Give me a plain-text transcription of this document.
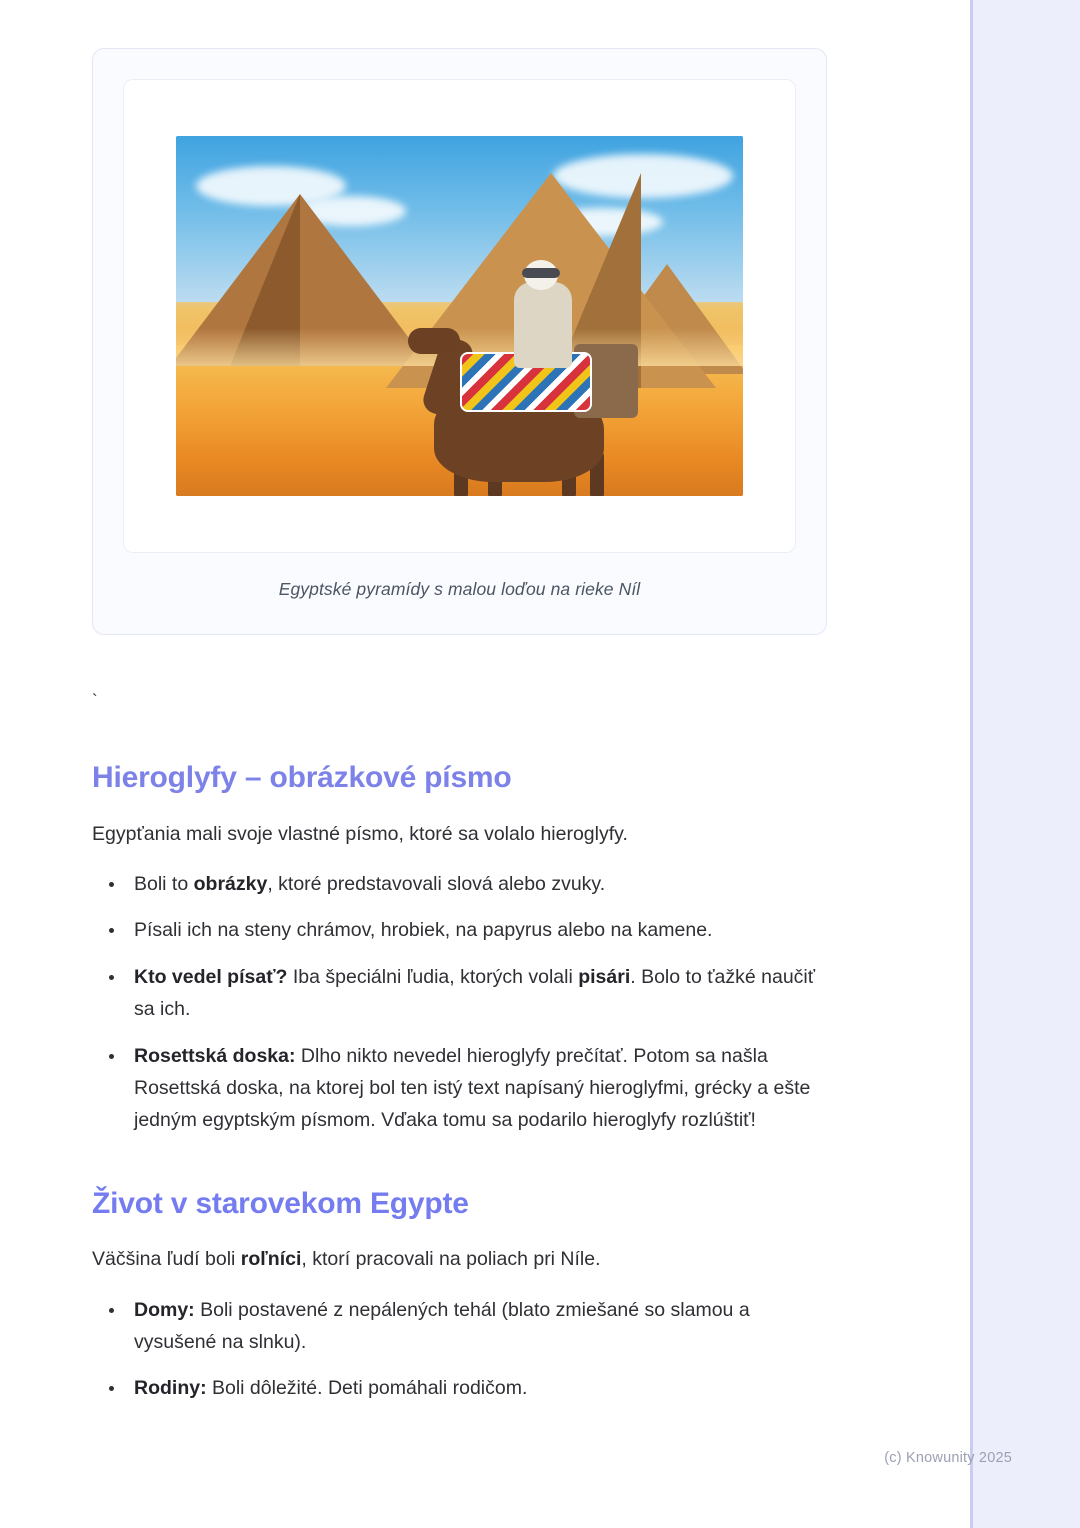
Egyptské pyramídy s malou loďou na rieke Níl
`
Hieroglyfy – obrázkové písmo

Egypťania mali svoje vlastné písmo, ktoré sa volalo hieroglyfy.

• Boli to obrázky, ktoré predstavovali slová alebo zvuky.
• Písali ich na steny chrámov, hrobiek, na papyrus alebo na kamene.
• Kto vedel písať? Iba špeciálni ľudia, ktorých volali pisári. Bolo to ťažké naučiť sa ich.
• Rosettská doska: Dlho nikto nevedel hieroglyfy prečítať. Potom sa našla Rosettská doska, na ktorej bol ten istý text napísaný hieroglyfmi, grécky a ešte jedným egyptským písmom. Vďaka tomu sa podarilo hieroglyfy rozlúštiť!
Život v starovekom Egypte

Väčšina ľudí boli roľníci, ktorí pracovali na poliach pri Níle.

• Domy: Boli postavené z nepálených tehál (blato zmiešané so slamou a vysušené na slnku).
• Rodiny: Boli dôležité. Deti pomáhali rodičom.
(c) Knowunity 2025
